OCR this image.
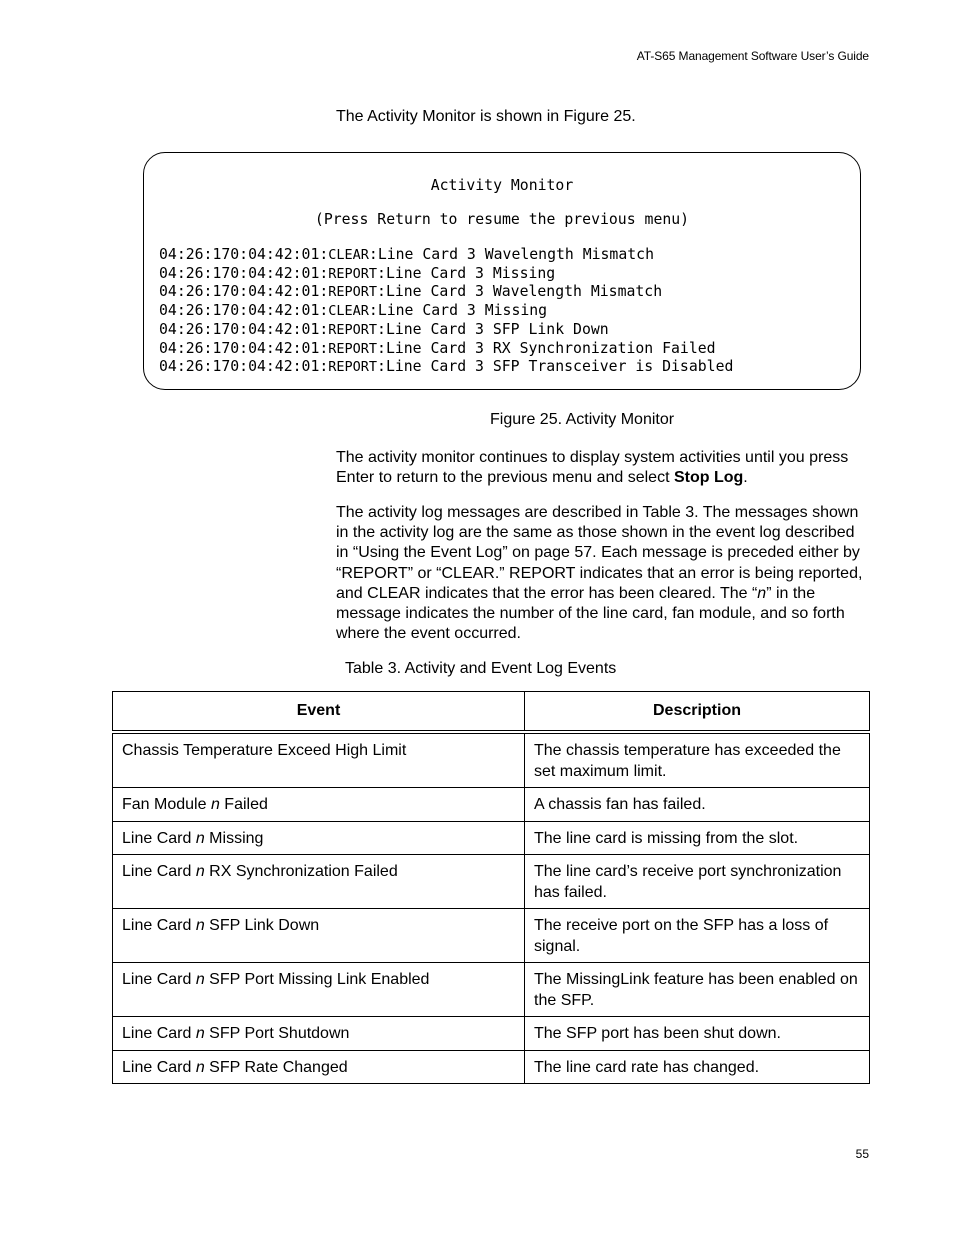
AT-S65 Management Software User’s Guide
The Activity Monitor is shown in Figure 25.
Activity Monitor
(Press Return to resume the previous menu)
04:26:170:04:42:01:CLEAR:Line Card 3 Wavelength Mismatch
04:26:170:04:42:01:REPORT:Line Card 3 Missing
04:26:170:04:42:01:REPORT:Line Card 3 Wavelength Mismatch
04:26:170:04:42:01:CLEAR:Line Card 3 Missing
04:26:170:04:42:01:REPORT:Line Card 3 SFP Link Down
04:26:170:04:42:01:REPORT:Line Card 3 RX Synchronization Failed
04:26:170:04:42:01:REPORT:Line Card 3 SFP Transceiver is Disabled
Figure 25. Activity Monitor
The activity monitor continues to display system activities until you press Enter to return to the previous menu and select Stop Log.
The activity log messages are described in Table 3. The messages shown in the activity log are the same as those shown in the event log described in “Using the Event Log” on page 57. Each message is preceded either by “REPORT” or “CLEAR.” REPORT indicates that an error is being reported, and CLEAR indicates that the error has been cleared. The “n” in the message indicates the number of the line card, fan module, and so forth where the event occurred.
Table 3. Activity and Event Log Events
Event	Description
Chassis Temperature Exceed High Limit	The chassis temperature has exceeded the set maximum limit.
Fan Module n Failed	A chassis fan has failed.
Line Card n Missing	The line card is missing from the slot.
Line Card n RX Synchronization Failed	The line card’s receive port synchronization has failed.
Line Card n SFP Link Down	The receive port on the SFP has a loss of signal.
Line Card n SFP Port Missing Link Enabled	The MissingLink feature has been enabled on the SFP.
Line Card n SFP Port Shutdown	The SFP port has been shut down.
Line Card n SFP Rate Changed	The line card rate has changed.
55
